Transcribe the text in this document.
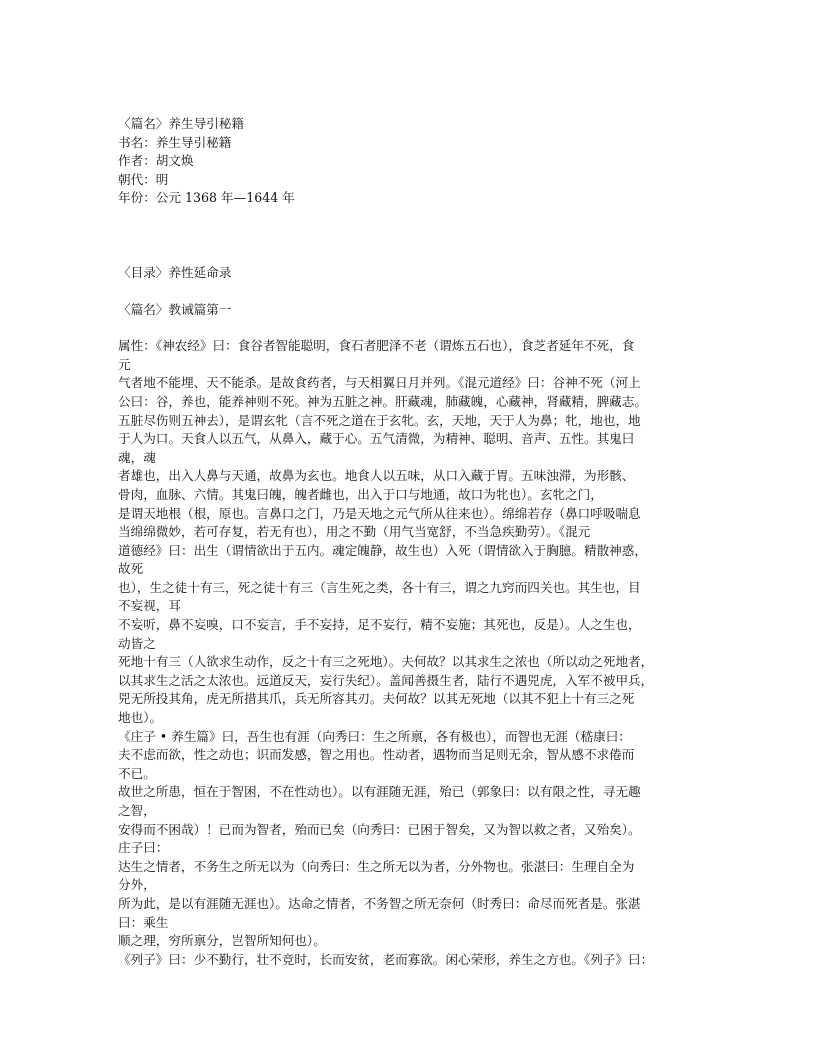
〈篇名〉养生导引秘籍
书名：养生导引秘籍
作者：胡文焕
朝代：明
年份：公元 1368 年—1644 年
〈目录〉养性延命录
〈篇名〉教诫篇第一
属性：《神农经》曰：食谷者智能聪明，食石者肥泽不老（谓炼五石也），食芝者延年不死，食
元
气者地不能埋、天不能杀。是故食药者，与天相翼日月并列。《混元道经》曰：谷神不死（河上
公曰：谷，养也，能养神则不死。神为五脏之神。肝藏魂，肺藏魄，心藏神，肾藏精，脾藏志。
五脏尽伤则五神去），是谓玄牝（言不死之道在于玄牝。玄，天地，天于人为鼻；牝，地也，地
于人为口。天食人以五气，从鼻入，藏于心。五气清微，为精神、聪明、音声、五性。其鬼曰
魂，魂
者雄也，出入人鼻与天通，故鼻为玄也。地食人以五味，从口入藏于胃。五味浊滞，为形骸、
骨肉，血脉、六情。其鬼曰魄，魄者雌也，出入于口与地通，故口为牝也）。玄牝之门，
是谓天地根（根，原也。言鼻口之门，乃是天地之元气所从往来也）。绵绵若存（鼻口呼吸喘息
当绵绵微妙，若可存复，若无有也），用之不勤（用气当宽舒，不当急疾勤劳）。《混元
道德经》曰：出生（谓情欲出于五内。魂定魄静，故生也）入死（谓情欲入于胸臆。精散神惑，
故死
也），生之徒十有三，死之徒十有三（言生死之类，各十有三，谓之九窍而四关也。其生也，目
不妄视，耳
不妄听，鼻不妄嗅，口不妄言，手不妄持，足不妄行，精不妄施；其死也，反是）。人之生也，
动皆之
死地十有三（人欲求生动作，反之十有三之死地）。夫何故？以其求生之浓也（所以动之死地者，
以其求生之活之太浓也。远道反天，妄行失纪）。盖闻善摄生者，陆行不遇兕虎，入军不被甲兵，
兕无所投其角，虎无所措其爪，兵无所容其刃。夫何故？以其无死地（以其不犯上十有三之死
地也）。
《庄子 • 养生篇》曰，吾生也有涯（向秀曰：生之所禀，各有极也），而智也无涯（嵇康曰：
夫不虑而欲，性之动也；识而发感，智之用也。性动者，遇物而当足则无余，智从感不求倦而
不已。
故世之所患，恒在于智困，不在性动也）。以有涯随无涯，殆已（郭象曰：以有限之性，寻无趣
之智，
安得而不困哉）！已而为智者，殆而已矣（向秀曰：已困于智矣，又为智以救之者，又殆矣）。
庄子曰：
达生之情者，不务生之所无以为（向秀曰：生之所无以为者，分外物也。张湛曰：生理自全为
分外，
所为此，是以有涯随无涯也）。达命之情者，不务智之所无奈何（时秀曰：命尽而死者是。张湛
曰：乘生
顺之理，穷所禀分，岂智所知何也）。
《列子》曰：少不勤行，壮不竞时，长而安贫，老而寡欲。闲心荣形，养生之方也。《列子》曰：
